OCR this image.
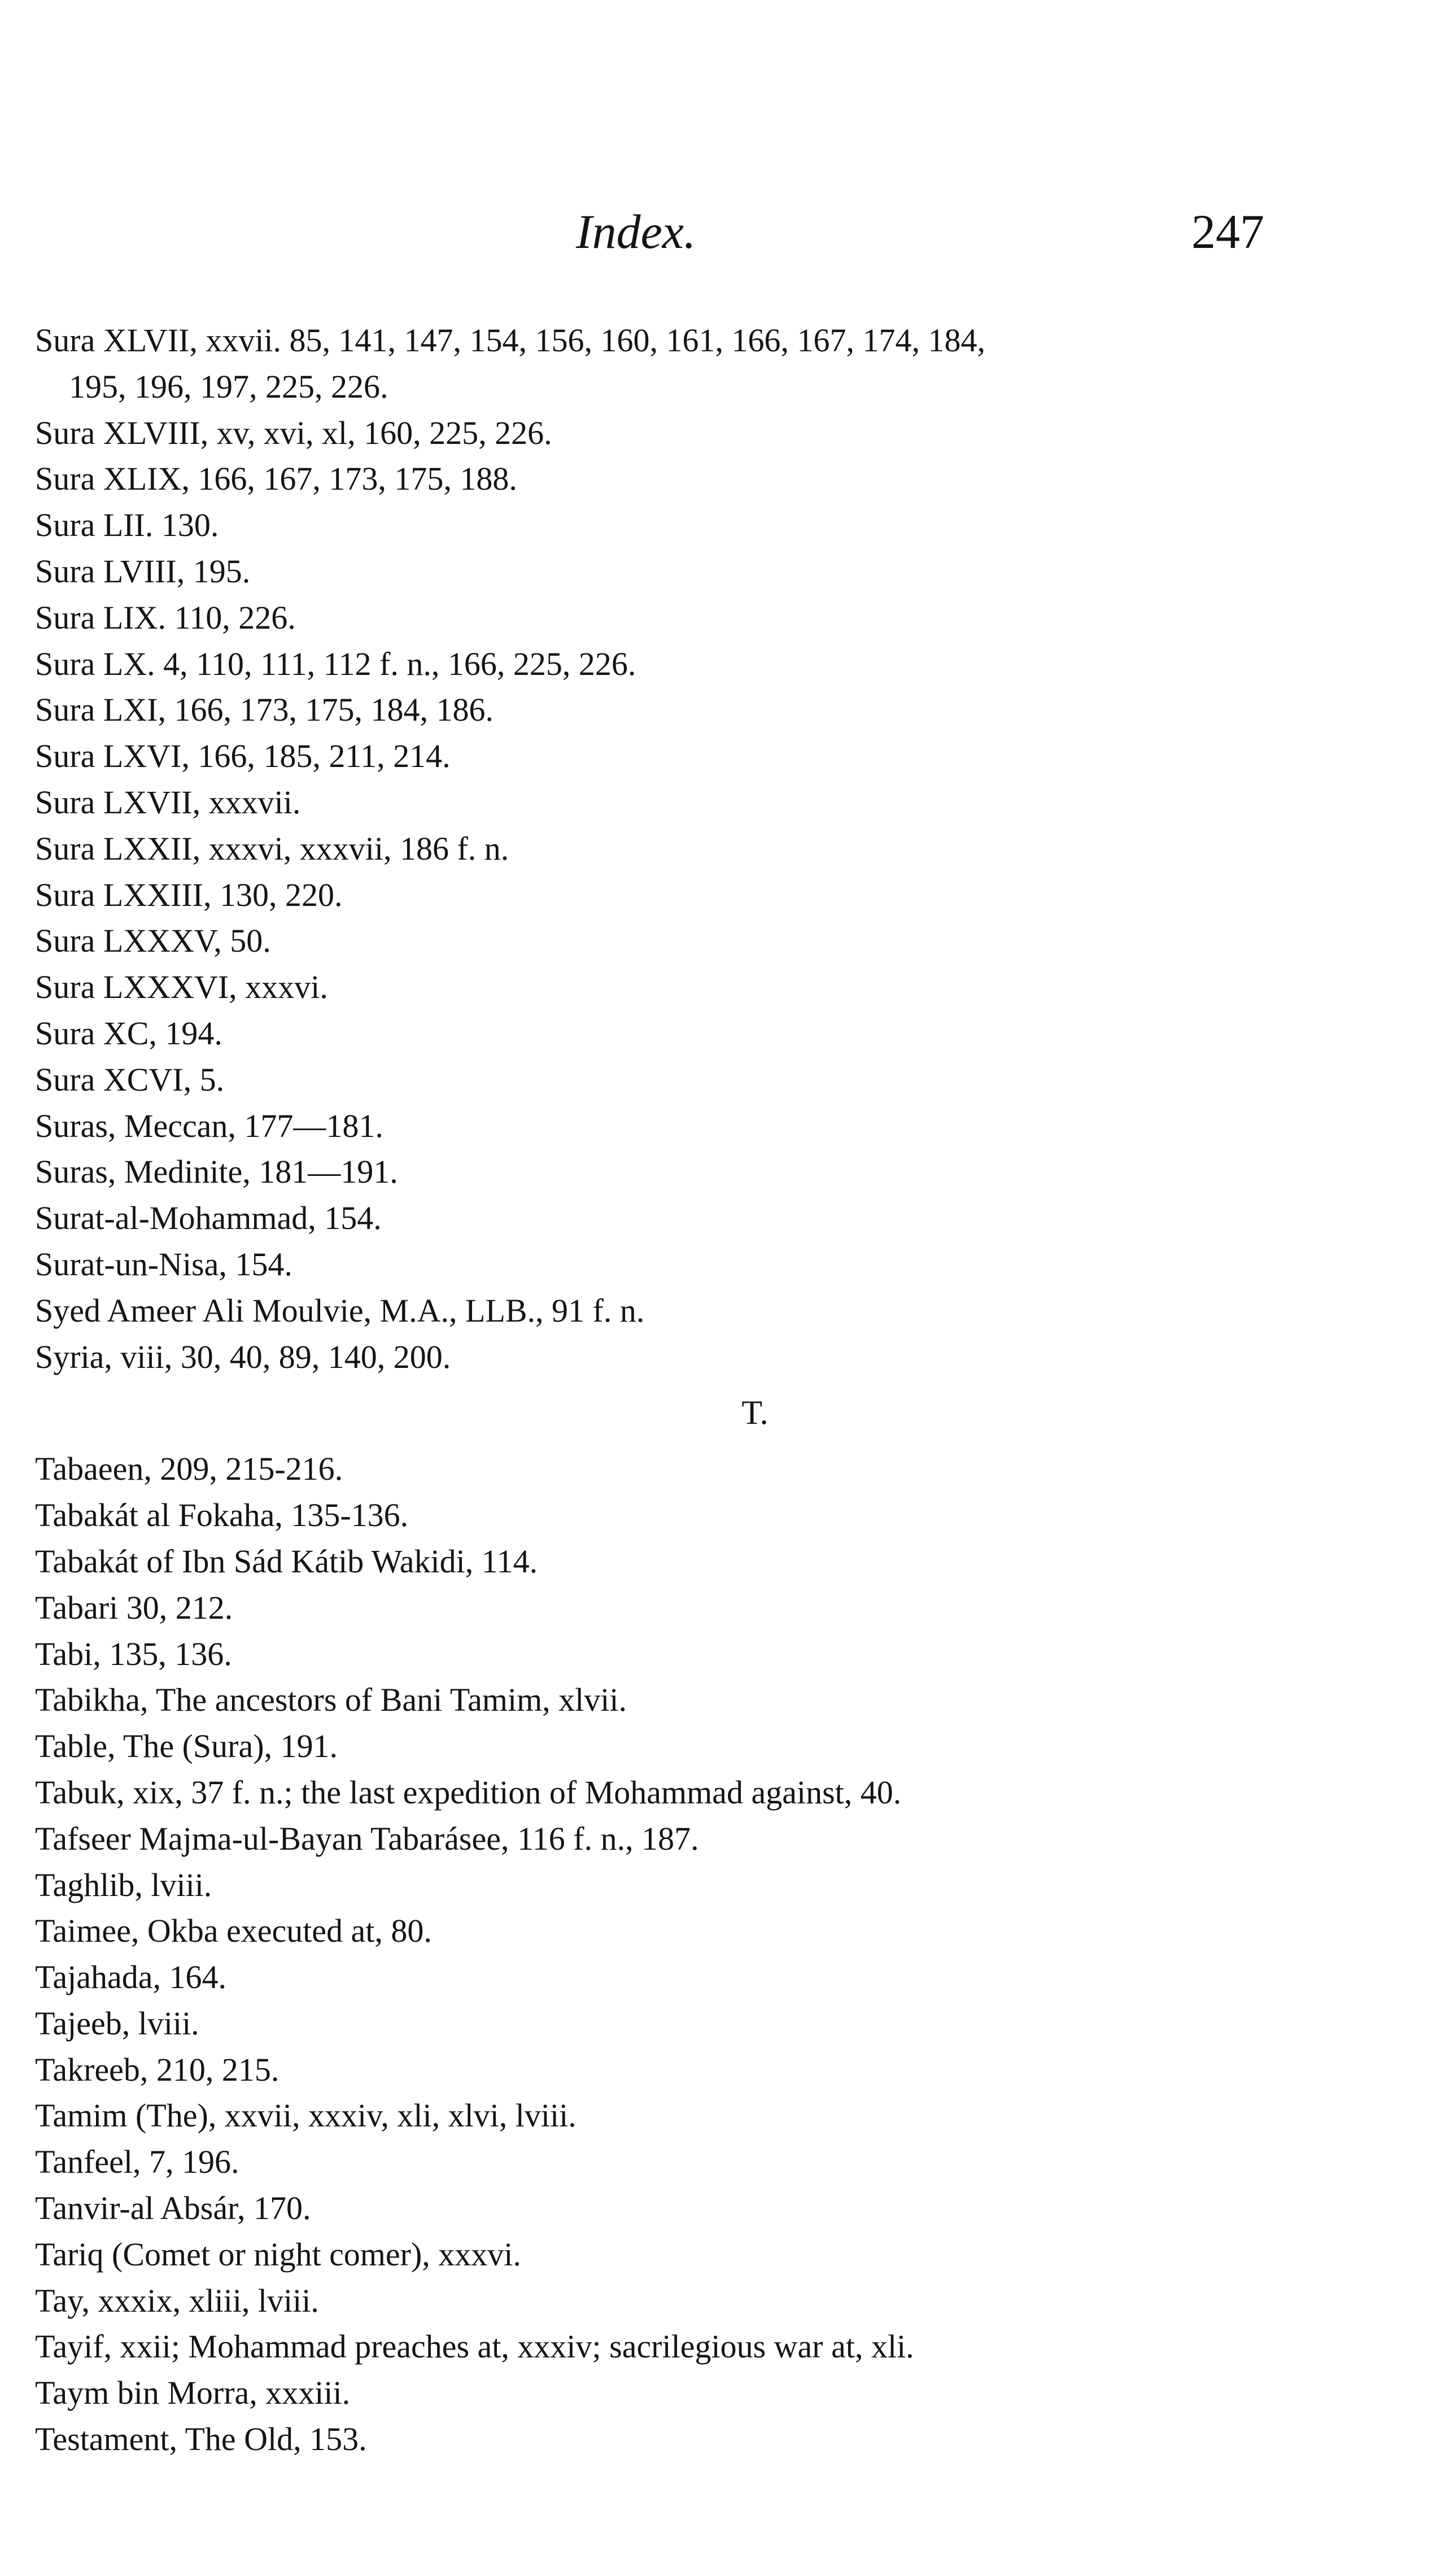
Index.	247
Sura XLVII, xxvii. 85, 141, 147, 154, 156, 160, 161, 166, 167, 174, 184,
195, 196, 197, 225, 226.
Sura XLVIII, xv, xvi, xl, 160, 225, 226.
Sura XLIX, 166, 167, 173, 175, 188.
Sura LII. 130.
Sura LVIII, 195.
Sura LIX. 110, 226.
Sura LX. 4, 110, 111, 112 f. n., 166, 225, 226.
Sura LXI, 166, 173, 175, 184, 186.
Sura LXVI, 166, 185, 211, 214.
Sura LXVII, xxxvii.
Sura LXXII, xxxvi, xxxvii, 186 f. n.
Sura LXXIII, 130, 220.
Sura LXXXV, 50.
Sura LXXXVI, xxxvi.
Sura XC, 194.
Sura XCVI, 5.
Suras, Meccan, 177—181.
Suras, Medinite, 181—191.
Surat-al-Mohammad, 154.
Surat-un-Nisa, 154.
Syed Ameer Ali Moulvie, M.A., LLB., 91 f. n.
Syria, viii, 30, 40, 89, 140, 200.
T.
Tabaeen, 209, 215-216.
Tabakát al Fokaha, 135-136.
Tabakát of Ibn Sád Kátib Wakidi, 114.
Tabari 30, 212.
Tabi, 135, 136.
Tabikha, The ancestors of Bani Tamim, xlvii.
Table, The (Sura), 191.
Tabuk, xix, 37 f. n.; the last expedition of Mohammad against, 40.
Tafseer Majma-ul-Bayan Tabarásee, 116 f. n., 187.
Taghlib, lviii.
Taimee, Okba executed at, 80.
Tajahada, 164.
Tajeeb, lviii.
Takreeb, 210, 215.
Tamim (The), xxvii, xxxiv, xli, xlvi, lviii.
Tanfeel, 7, 196.
Tanvir-al Absár, 170.
Tariq (Comet or night comer), xxxvi.
Tay, xxxix, xliii, lviii.
Tayif, xxii; Mohammad preaches at, xxxiv; sacrilegious war at, xli.
Taym bin Morra, xxxiii.
Testament, The Old, 153.
